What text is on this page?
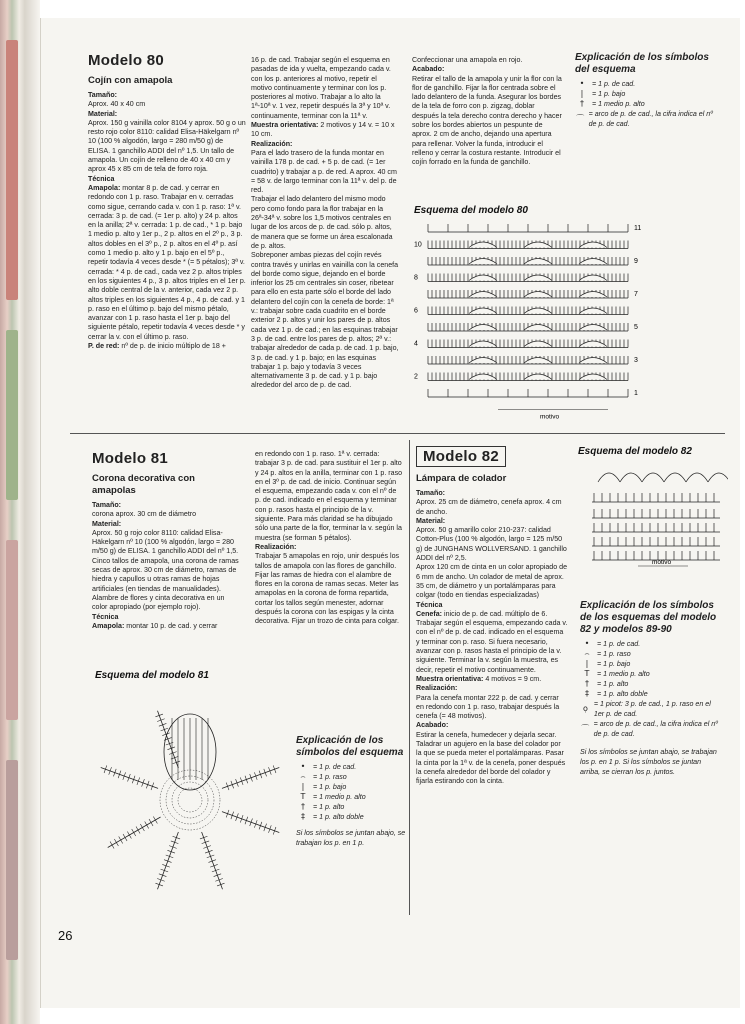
Modelo 80
Cojín con amapola

Tamaño:

Aprox. 40 x 40 cm

Material:

Aprox. 150 g vainilla color 8104 y aprox. 50 g o un resto rojo color 8110: calidad Elisa-Häkelgarn nº 10 (100 % algodón, largo = 280 m/50 g) de ELISA. 1 ganchillo ADDI del nº 1,5. Un tallo de amapola. Un cojín de relleno de 40 x 40 cm y aprox 45 x 85 cm de tela de forro roja.

Técnica

Amapola: montar 8 p. de cad. y cerrar en redondo con 1 p. raso. Trabajar en v. cerradas como sigue, cerrando cada v. con 1 p. raso: 1ª v. cerrada: 3 p. de cad. (= 1er p. alto) y 24 p. altos en la anilla; 2ª v. cerrada: 1 p. de cad., * 1 p. bajo 1 medio p. alto y 1er p., 2 p. altos en el 2º p., 3 p. altos dobles en el 3º p., 2 p. altos en el 4º p. así como 1 medio p. alto y 1 p. bajo en el 5º p., repetir todavía 4 veces desde * (= 5 pétalos); 3ª v. cerrada: * 4 p. de cad., cada vez 2 p. altos triples en los siguientes 4 p., 3 p. altos triples en el 1er p. alto doble central de la v. anterior, cada vez 2 p. altos triples en los siguientes 4 p., 4 p. de cad. y 1 p. raso en el último p. bajo del mismo pétalo, avanzar con 1 p. raso hasta el 1er p. bajo del siguiente pétalo, repetir todavía 4 veces desde * y cerrar la v. con el último p. raso.

P. de red: nº de p. de inicio múltiplo de 18 +

16 p. de cad. Trabajar según el esquema en pasadas de ida y vuelta, empezando cada v. con los p. anteriores al motivo, repetir el motivo continuamente y terminar con los p. posteriores al motivo. Trabajar a lo alto la 1ª-10ª v. 1 vez, repetir después la 3ª y 10ª v. continuamente, terminar con la 11ª v.

Muestra orientativa: 2 motivos y 14 v. = 10 x 10 cm.

Realización:

Para el lado trasero de la funda montar en vainilla 178 p. de cad. + 5 p. de cad. (= 1er cuadrito) y trabajar a p. de red. A aprox. 40 cm = 58 v. de largo terminar con la 11ª v. del p. de red.

Trabajar el lado delantero del mismo modo pero como fondo para la flor trabajar en la 26ª-34ª v. sobre los 1,5 motivos centrales en lugar de los arcos de p. de cad. sólo p. altos, de manera que se forme un área escalonada de p. altos.

Sobreponer ambas piezas del cojín revés contra través y unirlas en vainilla con la cenefa del borde como sigue, dejando en el borde inferior los 25 cm centrales sin coser, ribetear para ello en esta parte sólo el borde del lado delantero del cojín con la cenefa de borde: 1ª v.: trabajar sobre cada cuadrito en el borde exterior 2 p. altos y unir los pares de p. altos cada vez 1 p. de cad.; en las esquinas trabajar 3 p. de cad. entre los pares de p. altos; 2ª v.: trabajar alrededor de cada p. de cad. 1 p. bajo, 3 p. de cad. y 1 p. bajo; en las esquinas trabajar 1 p. bajo y todavía 3 veces alternativamente 3 p. de cad. y 1 p. bajo alrededor del arco de p. de cad.

Confeccionar una amapola en rojo.

Acabado:

Retirar el tallo de la amapola y unir la flor con la flor de ganchillo. Fijar la flor centrada sobre el lado delantero de la funda. Asegurar los bordes de la tela de forro con p. zigzag, doblar después la tela derecho contra derecho y hacer sobre los bordes abiertos un pespunte de aprox. 2 cm de ancho, dejando una apertura para rellenar. Volver la funda, introducir el relleno y cerrar la costura restante. Introducir el cojín forrado en la funda de ganchillo.

Explicación de los símbolos del esquema
•	= 1 p. de cad.
|	= 1 p. bajo
†	= 1 medio p. alto
⌒ = arco de p. de cad., la cifra indica el nº de p. de cad.
Esquema del modelo 80
11
10
9
8
7
6
5
4
3
2
1
motivo
Modelo 81
Corona decorativa con amapolas

Tamaño:

corona aprox. 30 cm de diámetro

Material:

Aprox. 50 g rojo color 8110: calidad Elisa-Häkelgarn nº 10 (100 % algodón, largo = 280 m/50 g) de ELISA. 1 ganchillo ADDI del nº 1,5.

Cinco tallos de amapola, una corona de ramas secas de aprox. 30 cm de diámetro, ramas de hiedra y capullos u otras ramas de hojas artificiales (en tiendas de manualidades). Alambre de flores y cinta decorativa en un color apropiado (por ejemplo rojo).

Técnica

Amapola: montar 10 p. de cad. y cerrar

en redondo con 1 p. raso. 1ª v. cerrada: trabajar 3 p. de cad. para sustituir el 1er p. alto y 24 p. altos en la anilla, terminar con 1 p. raso en el 3º p. de cad. de inicio. Continuar según el esquema, empezando cada v. con el nº de p. de cad. indicado en el esquema y terminar con p. rasos hasta el principio de la v. siguiente. Para más claridad se ha dibujado sólo una parte de la flor, terminar la v. según la muestra (se forman 5 pétalos).

Realización:

Trabajar 5 amapolas en rojo, unir después los tallos de amapola con las flores de ganchillo.

Fijar las ramas de hiedra con el alambre de flores en la corona de ramas secas. Meter las amapolas en la corona de forma repartida, cortar los tallos según menester, adornar después la corona con las espigas y la cinta decorativa. Fijar un trozo de cinta para colgar.

Esquema del modelo 81
Explicación de los símbolos del esquema
•	= 1 p. de cad.
⌢	= 1 p. raso
|	= 1 p. bajo
T	= 1 medio p. alto
†	= 1 p. alto
‡	= 1 p. alto doble
Si los símbolos se juntan abajo, se trabajan los p. en 1 p.
Modelo 82
Lámpara de colador

Tamaño:

Aprox. 25 cm de diámetro, cenefa aprox. 4 cm de ancho.

Material:

Aprox. 50 g amarillo color 210-237: calidad Cotton-Plus (100 % algodón, largo = 125 m/50 g) de JUNGHANS WOLLVERSAND. 1 ganchillo ADDI del nº 2,5.

Aprox 120 cm de cinta en un color apropiado de 6 mm de ancho. Un colador de metal de aprox. 35 cm, de diámetro y un portalámparas para colgar (todo en tiendas especializadas)

Técnica

Cenefa: inicio de p. de cad. múltiplo de 6. Trabajar según el esquema, empezando cada v. con el nº de p. de cad. indicado en el esquema y terminar con p. raso. Si fuera necesario, avanzar con p. rasos hasta el principio de la v. siguiente. Terminar la v. según la muestra, es decir, repetir el motivo continuamente.

Muestra orientativa: 4 motivos = 9 cm.

Realización:

Para la cenefa montar 222 p. de cad. y cerrar en redondo con 1 p. raso, trabajar después la cenefa (= 48 motivos).

Acabado:

Estirar la cenefa, humedecer y dejarla secar.

Taladrar un agujero en la base del colador por la que se pueda meter el portalámparas. Pasar la cinta por la 1ª v. de la cenefa, poner después la cenefa alrededor del borde del colador y fijarla estirando con la cinta.

Esquema del modelo 82
motivo
Explicación de los símbolos de los esquemas del modelo 82 y modelos 89-90
•	= 1 p. de cad.
⌢	= 1 p. raso
|	= 1 p. bajo
T	= 1 medio p. alto
†	= 1 p. alto
‡	= 1 p. alto doble
ọ = 1 picot: 3 p. de cad., 1 p. raso en el 1er p. de cad.
⌒ = arco de p. de cad., la cifra indica el nº de p. de cad.
Si los símbolos se juntan abajo, se trabajan los p. en 1 p. Si los símbolos se juntan arriba, se cierran los p. juntos.
26
